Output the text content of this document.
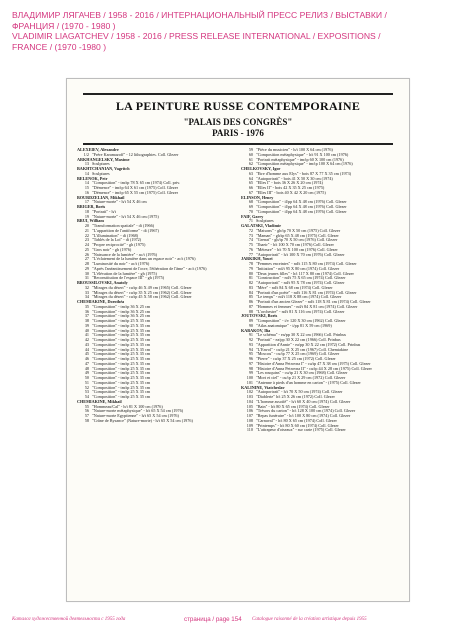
ВЛАДИМИР ЛЯГАЧЕВ / 1958 - 2016 / ИНТЕРНАЦИОНАЛЬНЫЙ ПРЕСС РЕЛИЗ / ВЫСТАВКИ /
ФРАНЦИЯ / (1970 - 1980 )
VLADIMIR LIAGATCHEV / 1958 - 2016 / PRESS RELEASE INTERNATIONAL / EXPOSITIONS /
FRANCE / (1970 -1980 )
LA PEINTURE RUSSE CONTEMPORAINE
"PALAIS DES CONGRÈS"
PARIS - 1976
ALEXEIEV, Alexandre
1/2 "Frère Karamazoff" - 12 lithographies. Coll. Glezer
ARKHANGELSKY, Maxime
13 Sculptures
BAKHTCHANIAN, Vagritch
14 Sculptures
BELENOK, Petr
14 "Composition" - tm/tp 78 X 65 cm (1974) Coll. priv.
15 "Démence" - tm/tp 64 X 61 cm (1975) Coll. Glezer
16 "Démence" - tm/tp 65 X 55 cm (1975) Coll. Glezer
BOURDZELIAN, Mikhail
17 "Nature-morte" - h/t 54 X 46 cm
BRIGER, Boris
18 "Portrait" - h/t
19 "Nature-morte" - h/t 54 X 46 cm (1975)
BRUI, William
20 "Transformation spatiale" - di (1966)
21 "L'apparition de l'antiforme" - di (1967)
22 "L'illumination" - di (1968)
23 "Tablés de la Loi" - di (1972)
24 "Propre reciprocité" - gh (1975)
25 "Gros noir" - gh (1976)
26 "Naissance de la lumière" - ac/t (1976)
27 "L'éclatement de la lumière dans un espace noir" - ac/t (1976)
28 "Luminosité du noir" - ac/t (1976)
29 "Après l'anéantissement de l'ocre, l'éthération de l'âme" - ac/t (1976)
30 "L'élévation de la lumière" - gh (1975)
31 "Reconstitution de l'espace III" - gh (1975)
BROUSSILOVSKI, Anatoly
32 "Mirages du désert" - cu/tp 46 X 49 cm (1965) Coll. Glezer
33 "Mirages du désert" - cu/tp 35 X 25 cm (1962) Coll. Glezer
34 "Mirages du désert" - cu/tp 45 X 58 cm (1962) Coll. Glezer
CHEMIAKINE, Dorothéa
35 "Composition" - tm/tp 36 X 25 cm
36 "Composition" - tm/tp 36 X 25 cm
37 "Composition" - tm/tp 36 X 25 cm
38 "Composition" - tm/tp 25 X 35 cm
39 "Composition" - tm/tp 25 X 35 cm
40 "Composition" - tm/tp 25 X 35 cm
41 "Composition" - tm/tp 25 X 35 cm
42 "Composition" - tm/tp 25 X 35 cm
43 "Composition" - tm/tp 25 X 35 cm
44 "Composition" - tm/tp 25 X 35 cm
45 "Composition" - tm/tp 25 X 35 cm
46 "Composition" - tm/tp 25 X 35 cm
47 "Composition" - tm/tp 25 X 35 cm
48 "Composition" - tm/tp 25 X 35 cm
49 "Composition" - tm/tp 25 X 35 cm
50 "Composition" - tm/tp 25 X 35 cm
51 "Composition" - tm/tp 25 X 35 cm
52 "Composition" - tm/tp 25 X 35 cm
53 "Composition" - tm/tp 25 X 35 cm
54 "Composition" - tm/tp 25 X 35 cm
CHEMIAKINE, Mikhail
55 "Hommeau/Cal" - h/t 81 X 100 cm (1976)
56 "Nature-morte métaphysique" - h/t 65 X 54 cm (1976)
57 "Nature-morte Égyptienne" - h/t 65 X 54 cm (1976)
58 "Crâne de Bysance" (Nature-morte) - h/t 65 X 54 cm (1976)
59 "Pièce du musicien" - h/t 100 X 64 cm (1976)
60 "Composition métaphysique" - h/t 91 X 100 cm (1976)
61 "Portrait métaphysique" - tm/tp 60 X 100 cm (1976)
62 "Composition métaphysique" - tm/tp 100 X 64 cm (1976)
CHELKOVSKY, Igor
63 "Être d'homme aux Elys" - bois 87 X 77 X 35 cm (1973)
64 "Autoportrait" - bois 41 X 50 X 30 cm (1974)
65 "Elles I" - bois 36 X 26 X 20 cm (1974)
66 "Elles II" - bois 42 X 35 X 25 cm (1975)
67 "Elles III" - bois 40 X 42 X 20 cm (1975)
ELINSON, Henry
68 "Composition" - il/pp 64 X 48 cm (1976) Coll. Glezer
69 "Composition" - il/pp 64 X 48 cm (1976) Coll. Glezer
70 "Composition" - il/pp 64 X 48 cm (1976) Coll. Glezer
FAIF, Garry
71 Sculptures
GALATSKI, Vladimir
72 "Maisons" - gh/tp 70 X 50 cm (1975) Coll. Glezer
73 "Maman" - gh/tp 65 X 48 cm (1975) Coll. Glezer
74 "Grenat" - gh/tp 70 X 50 cm (1976) Coll. Glezer
75 "Jhaeir" - h/t 100 X 70 cm (1976) Coll. Glezer
76 "Méteure" - h/t 70 X 100 cm (1976) Coll. Glezer
77 "Autoportrait" - h/t 100 X 70 cm (1976) Coll. Glezer
JARKIKH, Youri
78 "Femmes enceintes" - nd/t 115 X 80 cm (1974) Coll. Glezer
79 "Initiation" - nd/t 95 X 80 cm (1974) Coll. Glezer
80 "Deux jeunes filles" - h/t 117 X 80 cm (1974) Coll. Glezer
81 "Construction" - nd/t 75 X 65 cm (1974) Coll. Glezer
82 "Autoportrait" - nd/t 95 X 78 cm (1974) Coll. Glezer
83 "Mère" - nd/t 84 X 68 cm (1974) Coll. Glezer
84 "Portrait d'un poète" - nd/t 116 X 81 cm (1974) Coll. Glezer
85 "Le temps" - nd/t 118 X 88 cm (1974) Coll. Glezer
86 "Portrait d'un ancien Glezer" - nd/t 118 X 81 cm (1974) Coll. Glezer
87 "Hommes et femmes" - nd/t 84 X 81 cm (1974) Coll. Glezer
88 "L'orchestre" - nd/t 81 X 116 cm (1974) Coll. Glezer
JOUTOVSKI, Boris
89 "Composition" - i/v 120 X 30 cm (1962) Coll. Glezer
90 "Atlas anatomique" - i/pp 81 X 59 cm (1969)
KABAKOV, Ilia
91 "Le schéma" - ea/pp 30 X 22 cm (1966) Coll. Prinbus
92 "Portrait" - ea/pp 30 X 22 cm (1966) Coll. Prinbus
93 "Apparition d'Annie" - ea/pp 30 X 22 cm (1972) Coll. Prinbus
94 "L'Envol" - cu/tp 21 X 25 cm (1967) Coll. Chemiakine
95 "Moscou" - cu/tp 77 X 25 cm (1969) Coll. Glezer
96 "Pierre" - cu/tp 37 X 25 cm (1972) Coll. Glezer
97 "Histoire d'Anna Petrovna I" - cu/tp 47 X 38 cm (1975) Coll. Glezer
98 "Histoire d'Anna Petrovna II" - cu/tp 44 X 28 cm (1975) Coll. Glezer
99 "Les rouquins" - cu/tp 21 X 30 cm (1968) Coll. Glezer
100 "Mort et ciel" - cu/tp 21 X 29 cm (1972) Coll. Glezer
101 "Antenne à pieds d'un homme en carton" - (1975) Coll. Glezer
KALININE, Viatcheslav
102 "Autoportrait" - h/t 70 X 50 cm (1974) Coll. Glezer
103 "Diablerie" h/t 25 X 26 cm (1972) Coll. Glezer
104 "L'homme assoifé" - h/t 60 X 40 cm (1974) Coll. Glezer
105 "Bain" - h/t 80 X 65 cm (1974) Coll. Glezer
106 "Trésors du carton" - h/t 128 X 100 cm (1974) Coll. Glezer
107 "Repas funéraire" - h/t 100 X 80 cm (1974) Coll. Glezer
108 "Carnaval" - h/t 80 X 65 cm (1974) Coll. Glezer
109 "Printemps" - h/t 80 X 60 cm (1974) Coll. Glezer
110 "L'attrapeur d'oiseaux" - sur carte (1975) Coll. Glezer
Каталог художественной деятельности с 1955 года	страница / page 154 Catalogue raisonné de la création artistique depuis 1955
